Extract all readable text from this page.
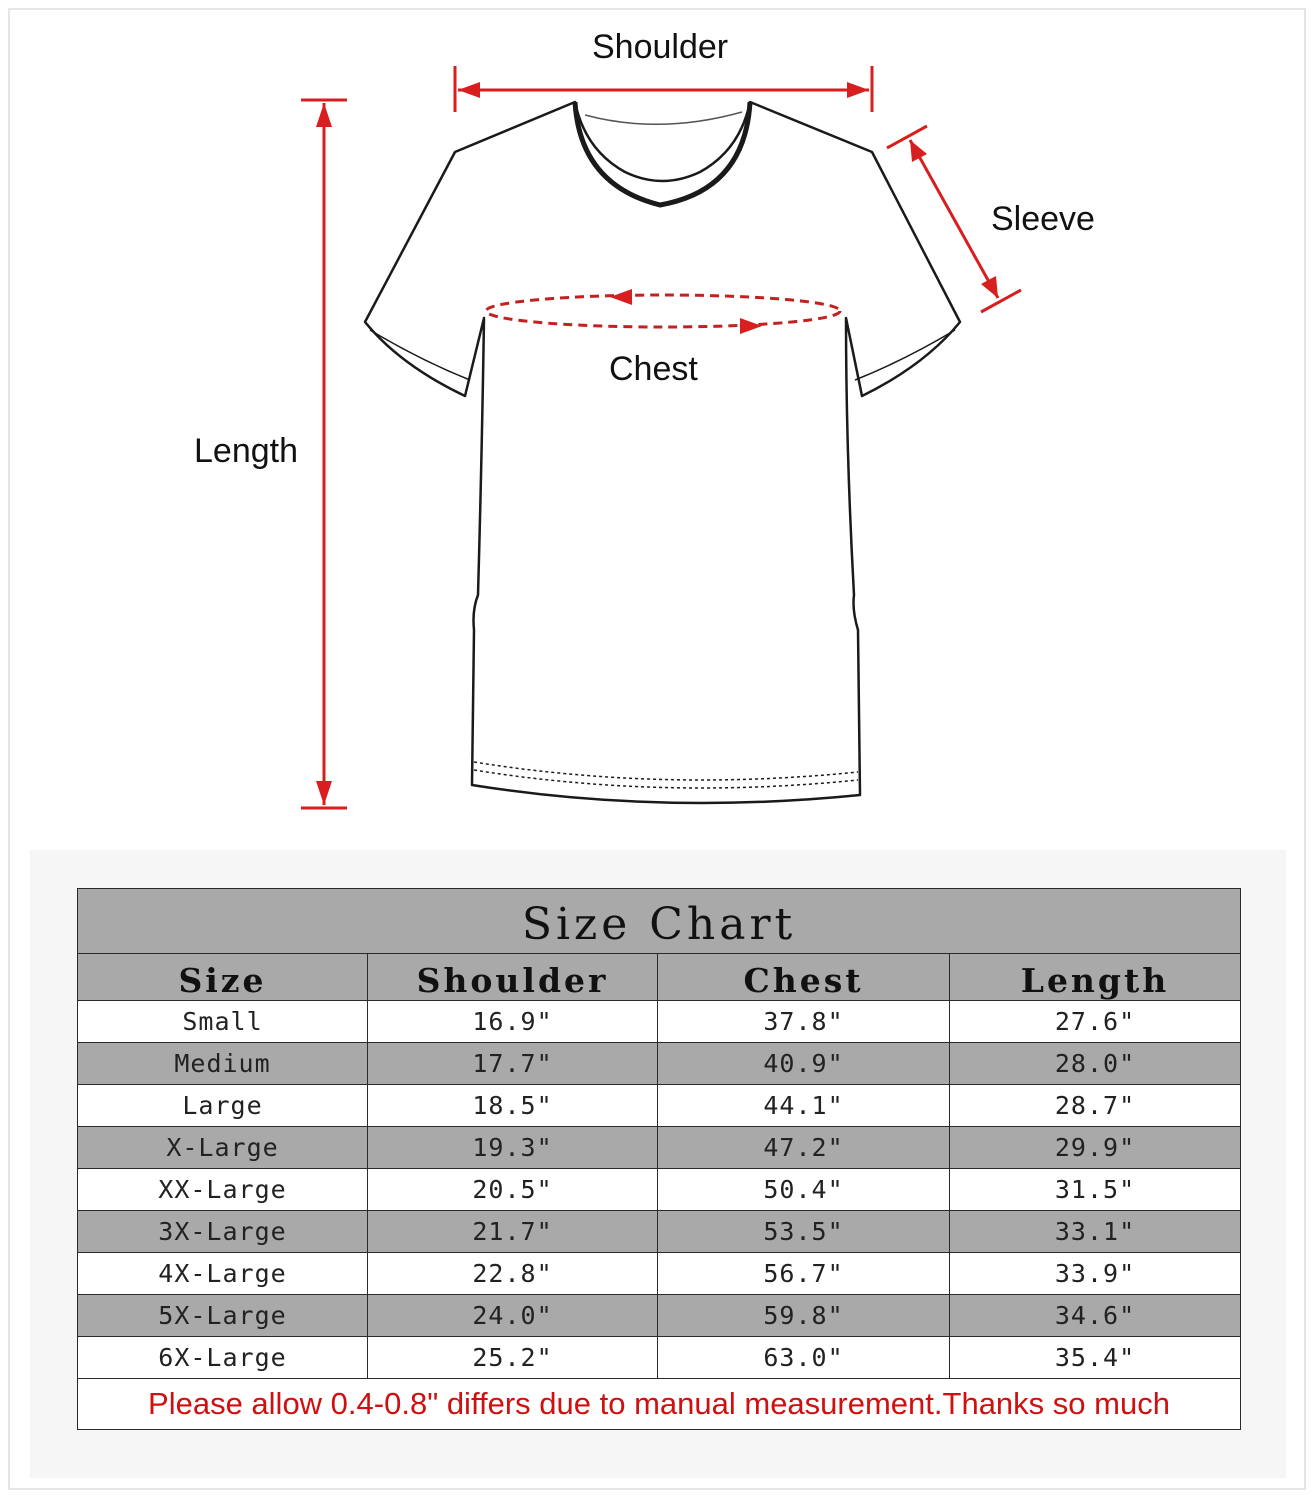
Shoulder
Sleeve
Chest
Length
Size Chart			
Size	Shoulder	Chest	Length
Small	16.9"	37.8"	27.6"
Medium	17.7"	40.9"	28.0"
Large	18.5"	44.1"	28.7"
X-Large	19.3"	47.2"	29.9"
XX-Large	20.5"	50.4"	31.5"
3X-Large	21.7"	53.5"	33.1"
4X-Large	22.8"	56.7"	33.9"
5X-Large	24.0"	59.8"	34.6"
6X-Large	25.2"	63.0"	35.4"
Please allow 0.4-0.8" differs due to manual measurement.Thanks so much			
